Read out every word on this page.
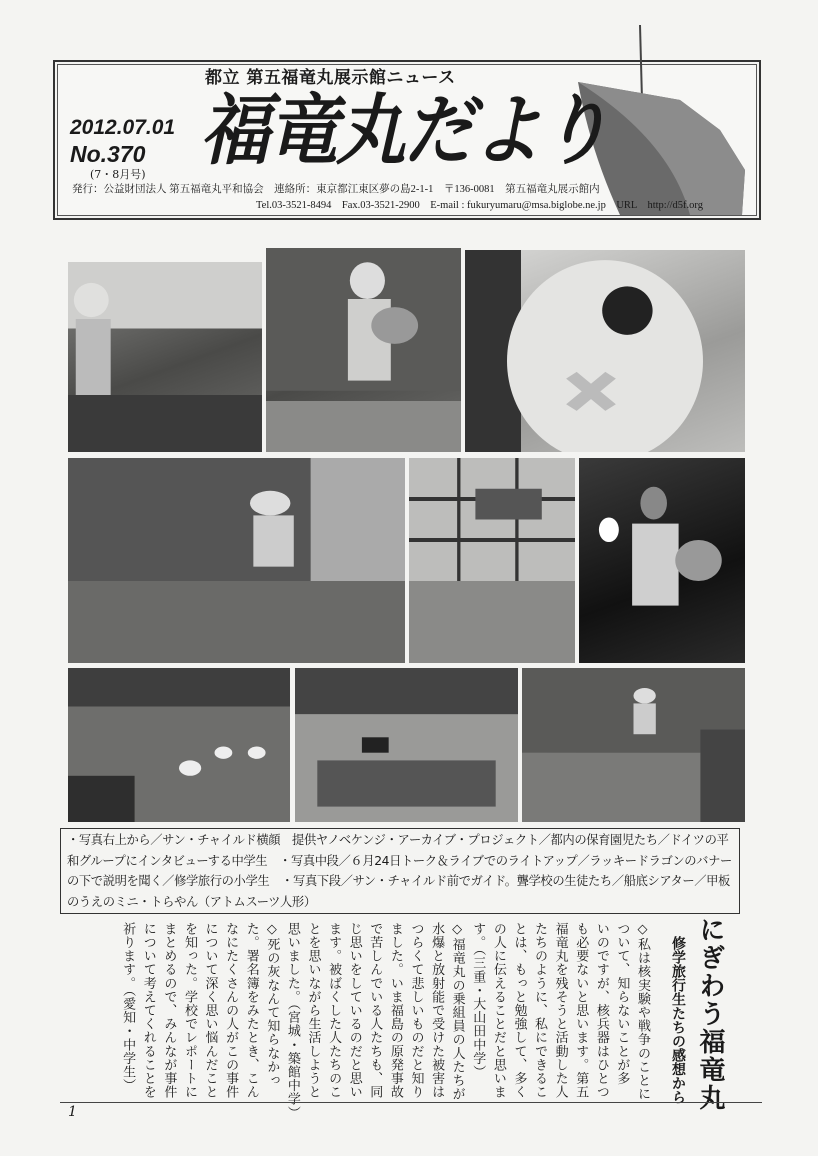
都立 第五福竜丸展示館ニュース
福竜丸だより
2012.07.01
No.370
(7・8月号)
発行：公益財団法人 第五福竜丸平和協会　連絡所：東京都江東区夢の島2-1-1　〒136-0081　第五福竜丸展示館内
Tel.03-3521-8494　Fax.03-3521-2900　E-mail : fukuryumaru@msa.biglobe.ne.jp　URL　http://d5f.org
・写真右上から／サン・チャイルド横顔　提供ヤノベケンジ・アーカイブ・プロジェクト／都内の保育園児たち／ドイツの平和グループにインタビューする中学生　・写真中段／６月24日トーク＆ライブでのライトアップ／ラッキードラゴンのバナーの下で説明を聞く／修学旅行の小学生　・写真下段／サン・チャイルド前でガイド。聾学校の生徒たち／船底シアター／甲板のうえのミニ・トらやん（アトムスーツ人形）
にぎわう福竜丸
修学旅行生たちの感想から
◇私は核実験や戦争のことに
ついて、知らないことが多
いのですが、核兵器はひとつ
も必要ないと思います。第五
福竜丸を残そうと活動した人
たちのように、私にできるこ
とは、もっと勉強して、多く
の人に伝えることだと思いま
す。（三重・大山田中学）
◇福竜丸の乗組員の人たちが
水爆と放射能で受けた被害は
つらくて悲しいものだと知り
ました。いま福島の原発事故
で苦しんでいる人たちも、同
じ思いをしているのだと思い
ます。被ばくした人たちのこ
とを思いながら生活しようと
思いました。（宮城・築館中学）
◇死の灰なんて知らなかっ
た。署名簿をみたとき、こん
なにたくさんの人がこの事件
について深く思い悩んだこと
を知った。学校でレポートに
まとめるので、みんなが事件
について考えてくれることを
祈ります。（愛知・中学生）
1
